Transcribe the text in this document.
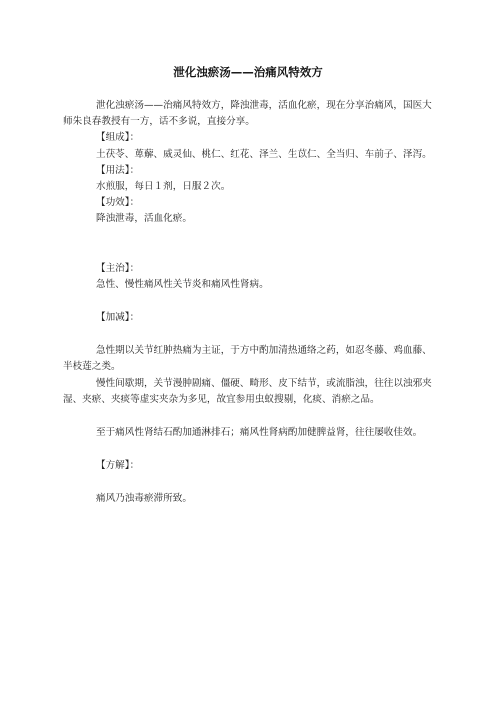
泄化浊瘀汤——治痛风特效方

泄化浊瘀汤——治痛风特效方，降浊泄毒，活血化瘀，现在分享治痛风，国医大师朱良春教授有一方，话不多说，直接分享。

【组成】：

土茯苓、萆薢、威灵仙、桃仁、红花、泽兰、生苡仁、全当归、车前子、泽泻。

【用法】：

水煎服，每日１剂，日服２次。

【功效】：

降浊泄毒，活血化瘀。

【主治】：

急性、慢性痛风性关节炎和痛风性肾病。

【加减】：

急性期以关节红肿热痛为主证，于方中酌加清热通络之药，如忍冬藤、鸡血藤、半枝莲之类。

慢性间歇期，关节漫肿剧痛、僵硬、畸形、皮下结节，或流脂浊，往往以浊邪夹湿、夹瘀、夹痰等虚实夹杂为多见，故宜参用虫蚁搜剔，化痰、消瘀之品。

至于痛风性肾结石酌加通淋排石；痛风性肾病酌加健脾益肾，往往屡收佳效。

【方解】：

痛风乃浊毒瘀滞所致。
